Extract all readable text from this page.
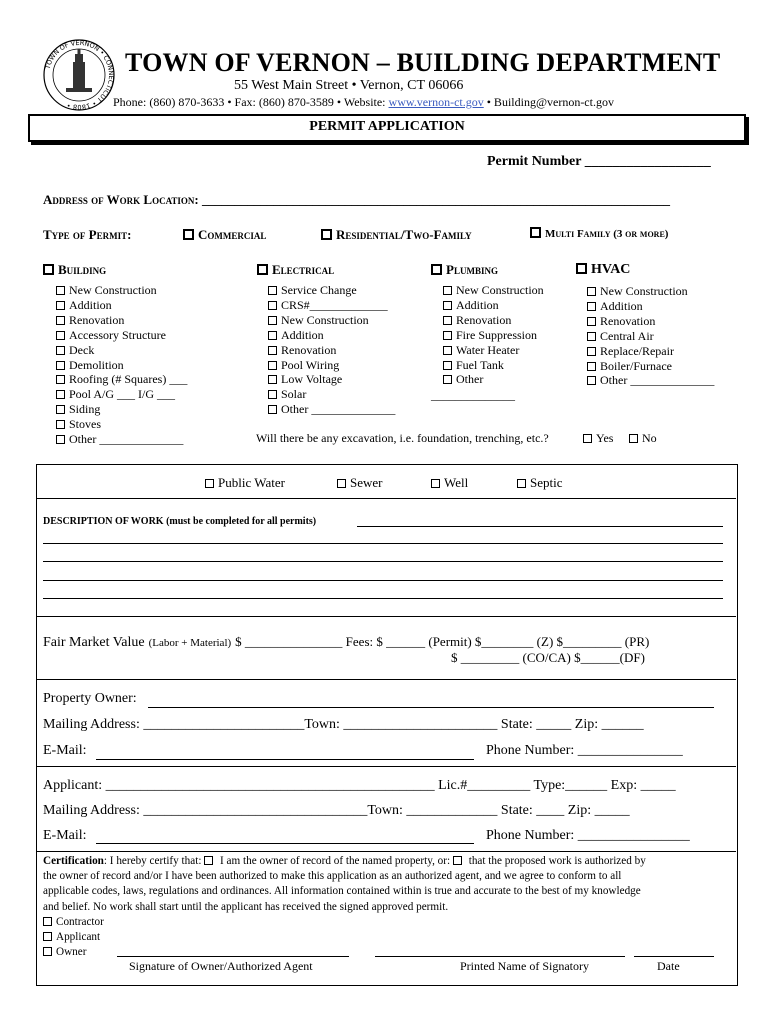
TOWN OF VERNON • CONNECTICUT • 1808 •
TOWN OF VERNON – BUILDING DEPARTMENT
55 West Main Street • Vernon, CT 06066
Phone: (860) 870-3633 • Fax: (860) 870-3589 • Website: www.vernon-ct.gov • Building@vernon-ct.gov
PERMIT APPLICATION
Permit Number __________________
Address of Work Location: ________________________________________________________________________
Type of Permit:	Commercial	Residential/Two-Family	Multi Family (3 or more)
Building	Electrical	Plumbing	HVAC
New Construction
Addition
Renovation
Accessory Structure
Deck
Demolition
Roofing (# Squares) ___
Pool A/G ___ I/G ___
Siding
Stoves
Other ______________
Service Change
CRS#_____________
New Construction
Addition
Renovation
Pool Wiring
Low Voltage
Solar
Other ______________
New Construction
Addition
Renovation
Fire Suppression
Water Heater
Fuel Tank
Other
______________
New Construction
Addition
Renovation
Central Air
Replace/Repair
Boiler/Furnace
Other ______________
Will there be any excavation, i.e. foundation, trenching, etc.?	Yes	No
Public Water	Sewer	Well	Septic
DESCRIPTION OF WORK (must be completed for all permits)
Fair Market Value (Labor + Material) $ _______________ Fees: $ ______ (Permit) $________ (Z) $_________ (PR)
$ _________ (CO/CA) $______(DF)
Property Owner:
Mailing Address: _______________________Town: ______________________ State: _____ Zip: ______
E-Mail:	Phone Number: _______________
Applicant: _______________________________________________ Lic.#_________ Type:______ Exp: _____
Mailing Address: ________________________________Town: _____________ State: ____ Zip: _____
E-Mail:	Phone Number: ________________
Certification: I hereby certify that:  I am the owner of record of the named property, or:  that the proposed work is authorized by
the owner of record and/or I have been authorized to make this application as an authorized agent, and we agree to conform to all
applicable codes, laws, regulations and ordinances. All information contained within is true and accurate to the best of my knowledge
and belief. No work shall start until the applicant has received the signed approved permit.
Contractor
Applicant
Owner
Signature of Owner/Authorized Agent	Printed Name of Signatory	Date
